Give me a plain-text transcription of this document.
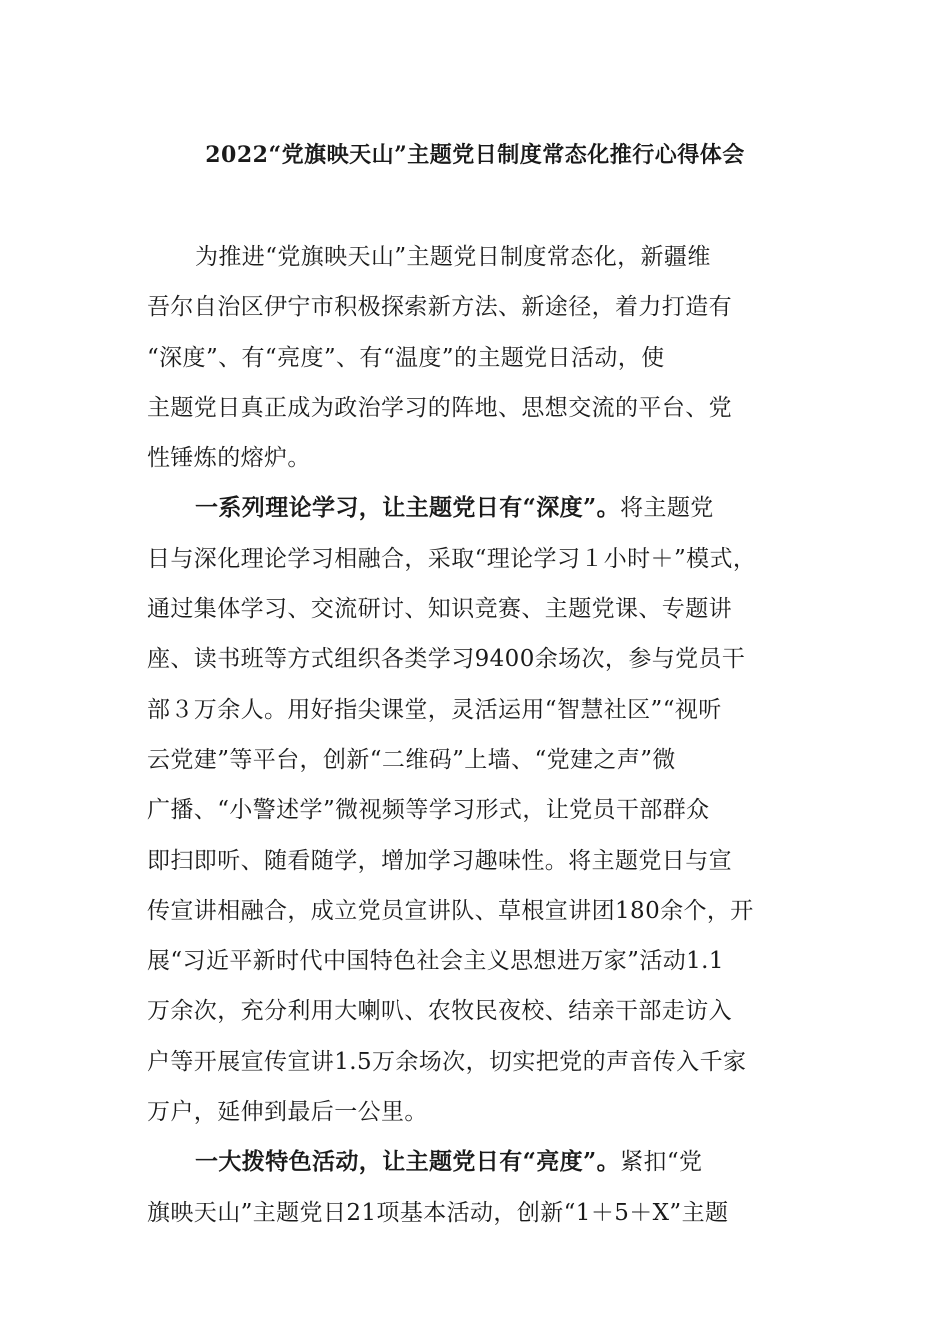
2022“党旗映天山”主题党日制度常态化推行心得体会
为推进“党旗映天山”主题党日制度常态化，新疆维
吾尔自治区伊宁市积极探索新方法、新途径，着力打造有
“深度”、有“亮度”、有“温度”的主题党日活动，使
主题党日真正成为政治学习的阵地、思想交流的平台、党
性锤炼的熔炉。
一系列理论学习，让主题党日有“深度”。将主题党
日与深化理论学习相融合，采取“理论学习１小时＋”模式，
通过集体学习、交流研讨、知识竞赛、主题党课、专题讲
座、读书班等方式组织各类学习9400余场次，参与党员干
部３万余人。用好指尖课堂，灵活运用“智慧社区”“视听
云党建”等平台，创新“二维码”上墙、“党建之声”微
广播、“小警述学”微视频等学习形式，让党员干部群众
即扫即听、随看随学，增加学习趣味性。将主题党日与宣
传宣讲相融合，成立党员宣讲队、草根宣讲团180余个，开
展“习近平新时代中国特色社会主义思想进万家”活动1.1
万余次，充分利用大喇叭、农牧民夜校、结亲干部走访入
户等开展宣传宣讲1.5万余场次，切实把党的声音传入千家
万户，延伸到最后一公里。
一大拨特色活动，让主题党日有“亮度”。紧扣“党
旗映天山”主题党日21项基本活动，创新“1＋5＋X”主题
